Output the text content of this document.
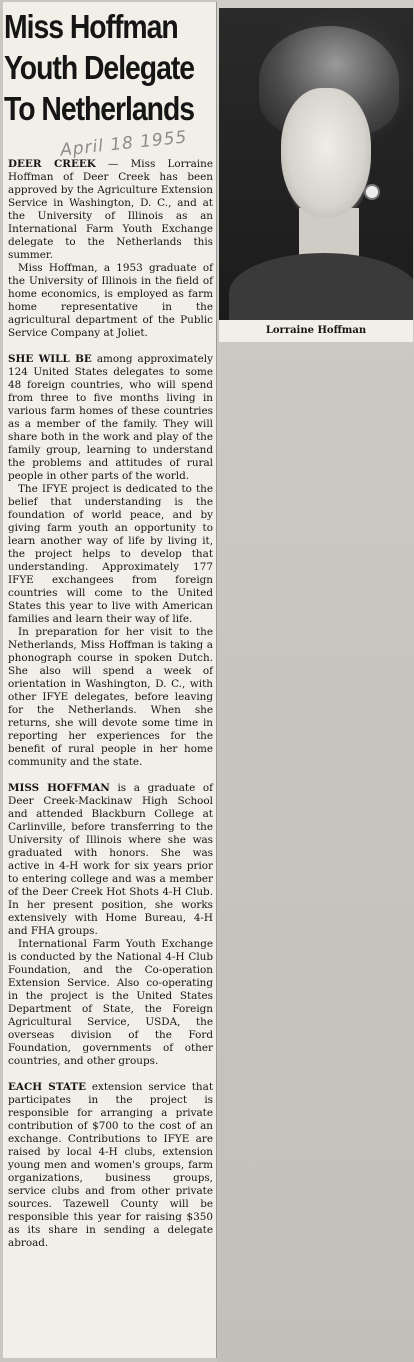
Miss Hoffman
Youth Delegate
To Netherlands
April 18 1955
Lorraine Hoffman

DEER CREEK — Miss Lorraine Hoffman of Deer Creek has been approved by the Agriculture Extension Service in Washington, D. C., and at the University of Illinois as an International Farm Youth Exchange delegate to the Netherlands this summer.

Miss Hoffman, a 1953 graduate of the University of Illinois in the field of home economics, is employed as farm home representative in the agricultural department of the Public Service Company at Joliet.

SHE WILL BE among approximately 124 United States delegates to some 48 foreign countries, who will spend from three to five months living in various farm homes of these countries as a member of the family. They will share both in the work and play of the family group, learning to understand the problems and attitudes of rural people in other parts of the world.

The IFYE project is dedicated to the belief that understanding is the foundation of world peace, and by giving farm youth an opportunity to learn another way of life by living it, the project helps to develop that understanding. Approximately 177 IFYE exchangees from foreign countries will come to the United States this year to live with American families and learn their way of life.

In preparation for her visit to the Netherlands, Miss Hoffman is taking a phonograph course in spoken Dutch. She also will spend a week of orientation in Washington, D. C., with other IFYE delegates, before leaving for the Netherlands. When she returns, she will devote some time in reporting her experiences for the benefit of rural people in her home community and the state.

MISS HOFFMAN is a graduate of Deer Creek-Mackinaw High School and attended Blackburn College at Carlinville, before transferring to the University of Illinois where she was graduated with honors. She was active in 4-H work for six years prior to entering college and was a member of the Deer Creek Hot Shots 4-H Club. In her present position, she works extensively with Home Bureau, 4-H and FHA groups.

International Farm Youth Exchange is conducted by the National 4-H Club Foundation, and the Co-operation Extension Service. Also co-operating in the project is the United States Department of State, the Foreign Agricultural Service, USDA, the overseas division of the Ford Foundation, governments of other countries, and other groups.

EACH STATE extension service that participates in the project is responsible for arranging a private contribution of $700 to the cost of an exchange. Contributions to IFYE are raised by local 4-H clubs, extension young men and women's groups, farm organizations, business groups, service clubs and from other private sources. Tazewell County will be responsible this year for raising $350 as its share in sending a delegate abroad.
